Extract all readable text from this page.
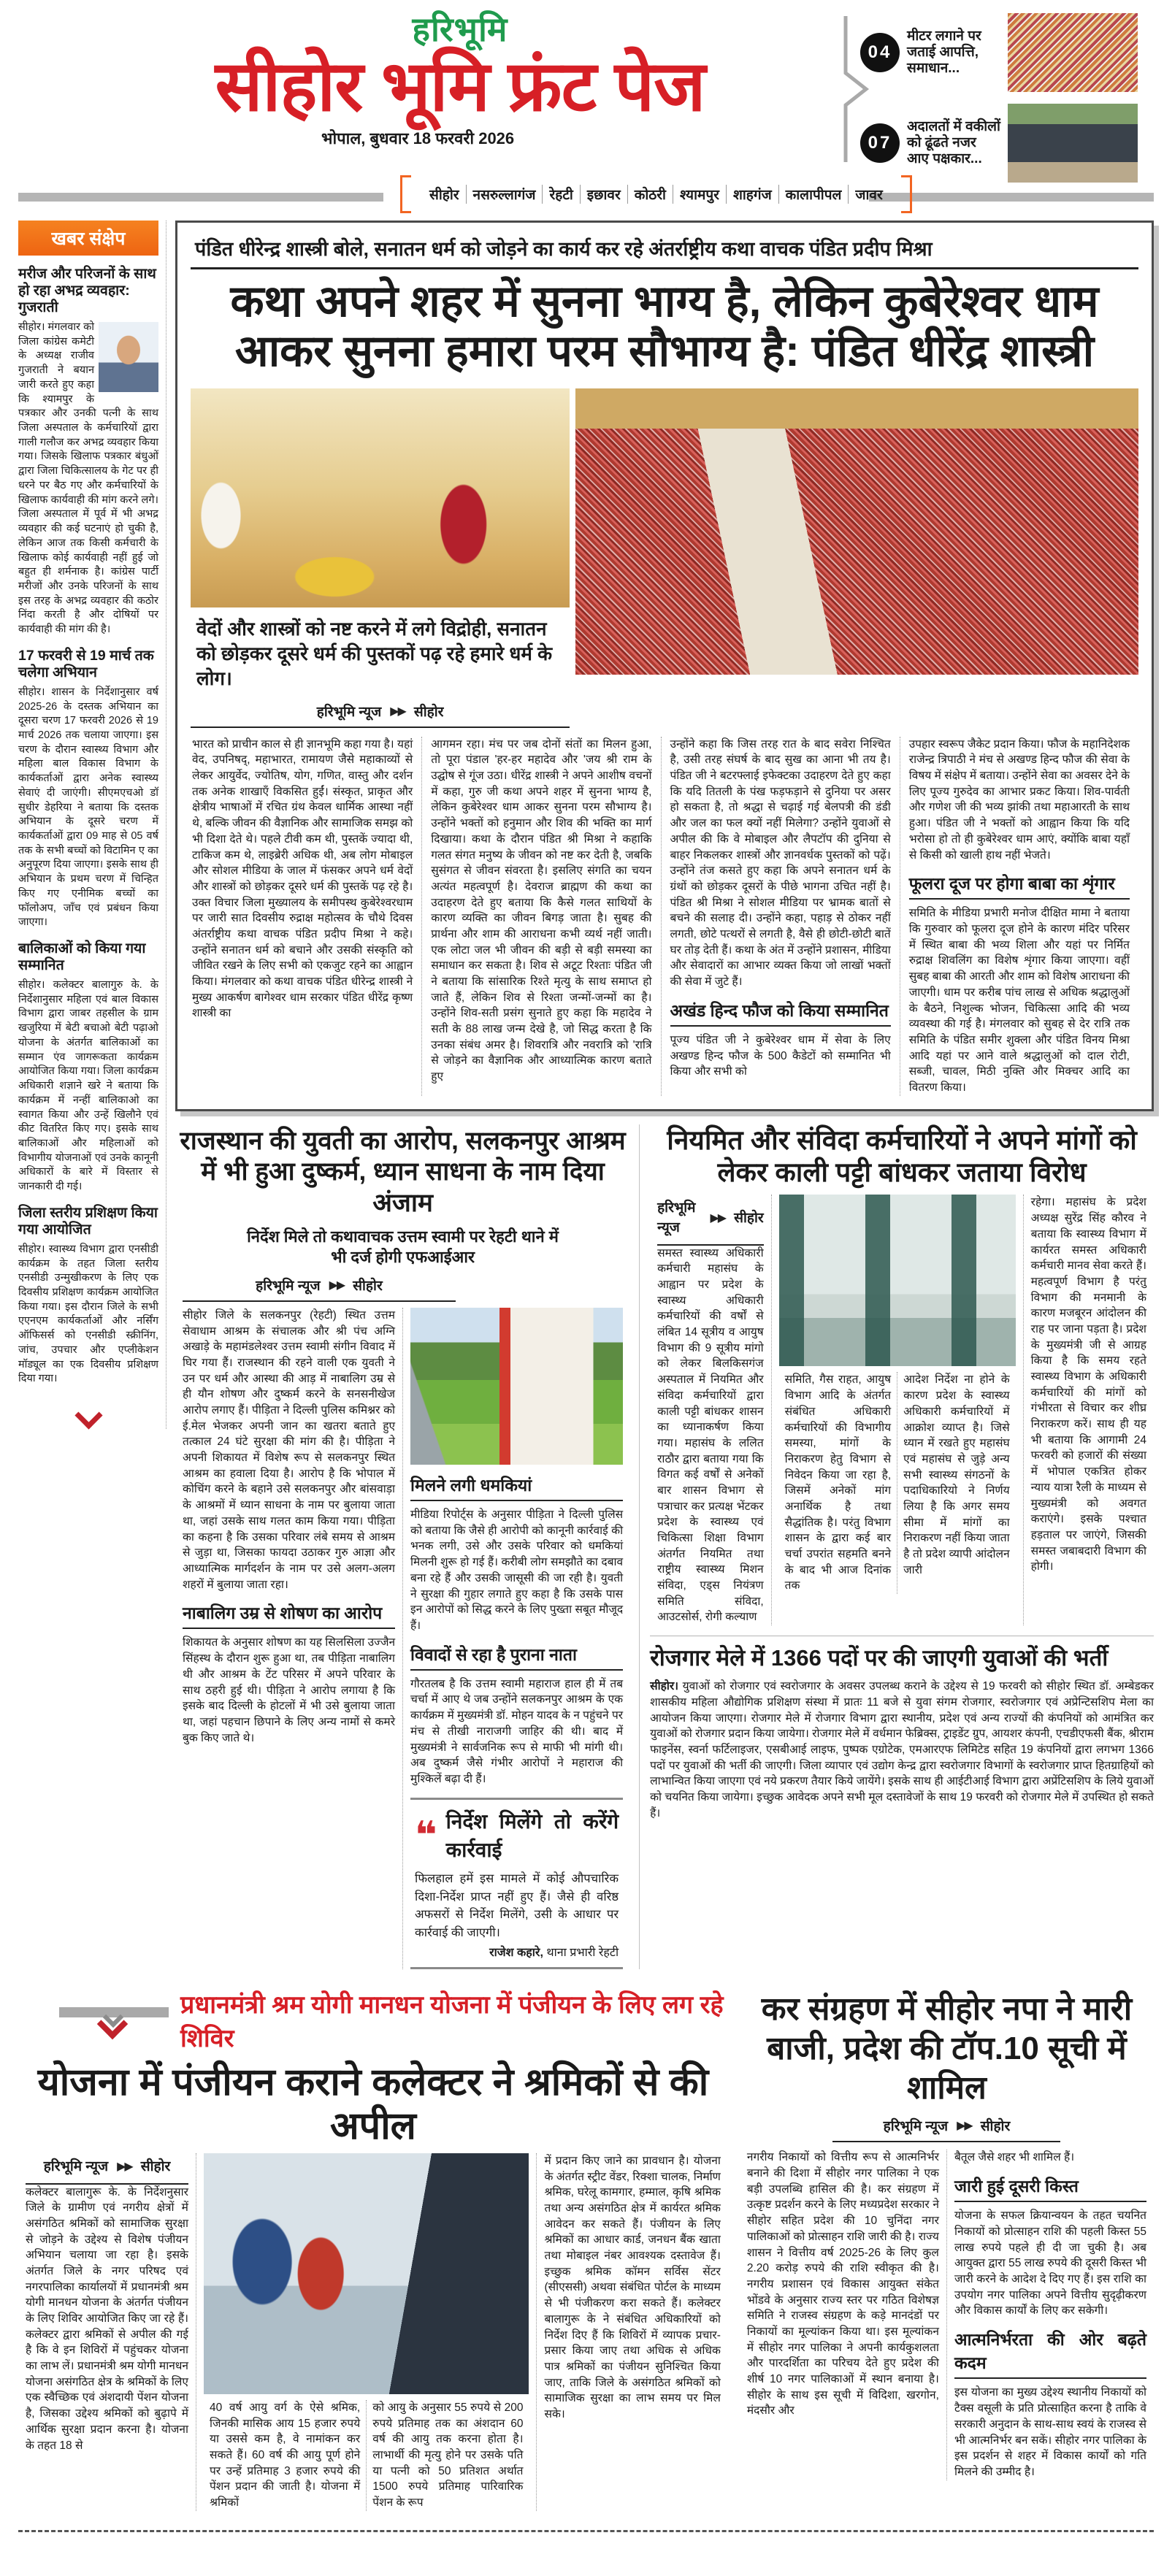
हरिभूमि
सीहोर भूमि फ्रंट पेज
भोपाल, बुधवार 18 फरवरी 2026
04
मीटर लगाने पर जताई आपत्ति, समाधान...
07
अदालतों में वकीलों को ढूंढते नजर आए पक्षकार...
सीहोर	नसरुल्लागंज	रेहटी	इछावर	कोठरी	श्यामपुर	शाहगंज	कालापीपल	जावर
खबर संक्षेप
मरीज और परिजनों के साथ हो रहा अभद्र व्यवहार: गुजराती

सीहोर। मंगलवार को जिला कांग्रेस कमेटी के अध्यक्ष राजीव गुजराती ने बयान जारी करते हुए कहा कि श्यामपुर के पत्रकार और उनकी पत्नी के साथ जिला अस्पताल के कर्मचारियों द्वारा गाली गलौज कर अभद्र व्यवहार किया गया। जिसके खिलाफ पत्रकार बंधुओं द्वारा जिला चिकित्सालय के गेट पर ही धरने पर बैठ गए और कर्मचारियों के खिलाफ कार्यवाही की मांग करने लगे। जिला अस्पताल में पूर्व में भी अभद्र व्यवहार की कई घटनाएं हो चुकी है, लेकिन आज तक किसी कर्मचारी के खिलाफ कोई कार्यवाही नहीं हुई जो बहुत ही शर्मनाक है। कांग्रेस पार्टी मरीजों और उनके परिजनों के साथ इस तरह के अभद्र व्यवहार की कठोर निंदा करती है और दोषियों पर कार्यवाही की मांग की है।

17 फरवरी से 19 मार्च तक चलेगा अभियान

सीहोर। शासन के निर्देशानुसार वर्ष 2025-26 के दस्तक अभियान का दूसरा चरण 17 फरवरी 2026 से 19 मार्च 2026 तक चलाया जाएगा। इस चरण के दौरान स्वास्थ्य विभाग और महिला बाल विकास विभाग के कार्यकर्ताओं द्वारा अनेक स्वास्थ्य सेवाएं दी जाएंगी। सीएमएचओ डॉ सुधीर डेहरिया ने बताया कि दस्तक अभियान के दूसरे चरण में कार्यकर्ताओं द्वारा 09 माह से 05 वर्ष तक के सभी बच्चों को विटामिन ए का अनुपूरण दिया जाएगा। इसके साथ ही अभियान के प्रथम चरण में चिन्हित किए गए एनीमिक बच्चों का फॉलोअप, जाँच एवं प्रबंधन किया जाएगा।

बालिकाओं को किया गया सम्मानित

सीहोर। कलेक्टर बालागुरु के. के निर्देशानुसार महिला एवं बाल विकास विभाग द्वारा जाबर तहसील के ग्राम खजुरिया में बेटी बचाओ बेटी पढ़ाओ योजना के अंतर्गत बालिकाओं का सम्मान एंव जागरूकता कार्यक्रम आयोजित किया गया। जिला कार्यक्रम अधिकारी शज्ञाने खरे ने बताया कि कार्यक्रम में नन्हीं बालिकाओ का स्वागत किया और उन्हें खिलौने एवं कीट वितरित किए गए। इसके साथ बालिकाओं और महिलाओं को विभागीय योजनाओं एवं उनके कानूनी अधिकारों के बारे में विस्तार से जानकारी दी गई।

जिला स्तरीय प्रशिक्षण किया गया आयोजित

सीहोर। स्वास्थ्य विभाग द्वारा एनसीडी कार्यक्रम के तहत जिला स्तरीय एनसीडी उन्मुखीकरण के लिए एक दिवसीय प्रशिक्षण कार्यक्रम आयोजित किया गया। इस दौरान जिले के सभी एएनएम कार्यकर्ताओं और नर्सिंग ऑफिसर्स को एनसीडी स्क्रीनिंग, जांच, उपचार और एप्लीकेशन मॉड्यूल का एक दिवसीय प्रशिक्षण दिया गया।

पंडित धीरेन्द्र शास्त्री बोले, सनातन धर्म को जोड़ने का कार्य कर रहे अंतर्राष्ट्रीय कथा वाचक पंडित प्रदीप मिश्रा
कथा अपने शहर में सुनना भाग्य है, लेकिन कुबेरेश्वर धाम आकर सुनना हमारा परम सौभाग्य है: पंडित धीरेंद्र शास्त्री
वेदों और शास्त्रों को नष्ट करने में लगे विद्रोही, सनातन को छोड़कर दूसरे धर्म की पुस्तकों पढ़ रहे हमारे धर्म के लोग।
हरिभूमि न्यूज ▶▶ सीहोर
भारत को प्राचीन काल से ही ज्ञानभूमि कहा गया है। यहां वेद, उपनिषद्, महाभारत, रामायण जैसे महाकाव्यों से लेकर आयुर्वेद, ज्योतिष, योग, गणित, वास्तु और दर्शन तक अनेक शाखाएँ विकसित हुईं। संस्कृत, प्राकृत और क्षेत्रीय भाषाओं में रचित ग्रंथ केवल धार्मिक आस्था नहीं थे, बल्कि जीवन की वैज्ञानिक और सामाजिक समझ को भी दिशा देते थे। पहले टीवी कम थी, पुस्तकें ज्यादा थी, टाकिज कम थे, लाइब्रेरी अधिक थी, अब लोग मोबाइल और सोशल मीडिया के जाल में फंसकर अपने धर्म वेदों और शास्त्रों को छोड़कर दूसरे धर्म की पुस्तकें पढ़ रहे है। उक्त विचार जिला मुख्यालय के समीपस्थ कुबेरेश्वरधाम पर जारी सात दिवसीय रुद्राक्ष महोत्सव के चौथे दिवस अंतर्राष्ट्रीय कथा वाचक पंडित प्रदीप मिश्रा ने कहे। उन्होंने सनातन धर्म को बचाने और उसकी संस्कृति को जीवित रखने के लिए सभी को एकजुट रहने का आह्वान किया। मंगलवार को कथा वाचक पंडित धीरेन्द्र शास्त्री ने मुख्य आकर्षण बागेश्वर धाम सरकार पंडित धीरेंद्र कृष्ण शास्त्री का
आगमन रहा। मंच पर जब दोनों संतों का मिलन हुआ, तो पूरा पंडाल 'हर-हर महादेव और 'जय श्री राम के उद्घोष से गूंज उठा। धीरेंद्र शास्त्री ने अपने आशीष वचनों में कहा, गुरु जी कथा अपने शहर में सुनना भाग्य है, लेकिन कुबेरेश्वर धाम आकर सुनना परम सौभाग्य है। उन्होंने भक्तों को हनुमान और शिव की भक्ति का मार्ग दिखाया। कथा के दौरान पंडित श्री मिश्रा ने कहाकि गलत संगत मनुष्य के जीवन को नष्ट कर देती है, जबकि सुसंगत से जीवन संवरता है। इसलिए संगति का चयन अत्यंत महत्वपूर्ण है। देवराज ब्राह्मण की कथा का उदाहरण देते हुए बताया कि कैसे गलत साथियों के कारण व्यक्ति का जीवन बिगड़ जाता है। सुबह की प्रार्थना और शाम की आराधना कभी व्यर्थ नहीं जाती। एक लोटा जल भी जीवन की बड़ी से बड़ी समस्या का समाधान कर सकता है। शिव से अटूट रिश्ताः पंडित जी ने बताया कि सांसारिक रिश्ते मृत्यु के साथ समाप्त हो जाते हैं, लेकिन शिव से रिश्ता जन्मों-जन्मों का है। उन्होंने शिव-सती प्रसंग सुनाते हुए कहा कि महादेव ने सती के 88 लाख जन्म देखे है, जो सिद्ध करता है कि उनका संबंध अमर है। शिवरात्रि और नवरात्रि को 'रात्रि से जोड़ने का वैज्ञानिक और आध्यात्मिक कारण बताते हुए
उन्होंने कहा कि जिस तरह रात के बाद सवेरा निश्चित है, उसी तरह संघर्ष के बाद सुख का आना भी तय है। पंडित जी ने बटरफ्लाई इफेक्टका उदाहरण देते हुए कहा कि यदि तितली के पंख फड़फड़ाने से दुनिया पर असर हो सकता है, तो श्रद्धा से चढ़ाई गई बेलपत्री की डंडी और जल का फल क्यों नहीं मिलेगा? उन्होंने युवाओं से अपील की कि वे मोबाइल और लैपटॉप की दुनिया से बाहर निकलकर शास्त्रों और ज्ञानवर्धक पुस्तकों को पढ़ें। उन्होंने तंज कसते हुए कहा कि अपने सनातन धर्म के ग्रंथों को छोड़कर दूसरों के पीछे भागना उचित नहीं है। पंडित श्री मिश्रा ने सोशल मीडिया पर भ्रामक बातों से बचने की सलाह दी। उन्होंने कहा, पहाड़ से ठोकर नहीं लगती, छोटे पत्थरों से लगती है, वैसे ही छोटी-छोटी बातें घर तोड़ देती हैं। कथा के अंत में उन्होंने प्रशासन, मीडिया और सेवादारों का आभार व्यक्त किया जो लाखों भक्तों की सेवा में जुटे हैं।
अखंड हिन्द फौज को किया सम्मानित
पूज्य पंडित जी ने कुबेरेश्वर धाम में सेवा के लिए अखण्ड हिन्द फौज के 500 कैडेटों को सम्मानित भी किया और सभी को
उपहार स्वरूप जैकेट प्रदान किया। फौज के महानिदेशक राजेन्द्र त्रिपाठी ने मंच से अखण्ड हिन्द फौज की सेवा के विषय में संक्षेप में बताया। उन्होंने सेवा का अवसर देने के लिए पूज्य गुरुदेव का आभार प्रकट किया। शिव-पार्वती और गणेश जी की भव्य झांकी तथा महाआरती के साथ हुआ। पंडित जी ने भक्तों को आह्वान किया कि यदि भरोसा हो तो ही कुबेरेश्वर धाम आएं, क्योंकि बाबा यहाँ से किसी को खाली हाथ नहीं भेजते।
फूलरा दूज पर होगा बाबा का शृंगार
समिति के मीडिया प्रभारी मनोज दीक्षित मामा ने बताया कि गुरुवार को फूलरा दूज होने के कारण मंदिर परिसर में स्थित बाबा की भव्य शिला और यहां पर निर्मित रुद्राक्ष शिवलिंग का विशेष शृंगार किया जाएगा। वहीं सुबह बाबा की आरती और शाम को विशेष आराधना की जाएगी। धाम पर करीब पांच लाख से अधिक श्रद्धालुओं के बैठने, निशुल्क भोजन, चिकित्सा आदि की भव्य व्यवस्था की गई है। मंगलवार को सुबह से देर रात्रि तक समिति के पंडित समीर शुक्ला और पंडित विनय मिश्रा आदि यहां पर आने वाले श्रद्धालुओं को दाल रोटी, सब्जी, चावल, मिठी नुक्ति और मिक्चर आदि का वितरण किया।
राजस्थान की युवती का आरोप, सलकनपुर आश्रम में भी हुआ दुष्कर्म, ध्यान साधना के नाम दिया अंजाम
निर्देश मिले तो कथावाचक उत्तम स्वामी पर रेहटी थाने में भी दर्ज होगी एफआईआर
हरिभूमि न्यूज ▶▶ सीहोर
सीहोर जिले के सलकनपुर (रेहटी) स्थित उत्तम सेवाधाम आश्रम के संचालक और श्री पंच अग्नि अखाड़े के महामंडलेश्वर उत्तम स्वामी संगीन विवाद में घिर गया हैं। राजस्थान की रहने वाली एक युवती ने उन पर धर्म और आस्था की आड़ में नाबालिग उम्र से ही यौन शोषण और दुष्कर्म करने के सनसनीखेज आरोप लगाए हैं। पीड़िता ने दिल्ली पुलिस कमिश्नर को ई.मेल भेजकर अपनी जान का खतरा बताते हुए तत्काल 24 घंटे सुरक्षा की मांग की है। पीड़िता ने अपनी शिकायत में विशेष रूप से सलकनपुर स्थित आश्रम का हवाला दिया है। आरोप है कि भोपाल में कोचिंग करने के बहाने उसे सलकनपुर और बांसवाड़ा के आश्रमों में ध्यान साधना के नाम पर बुलाया जाता था, जहां उसके साथ गलत काम किया गया। पीड़िता का कहना है कि उसका परिवार लंबे समय से आश्रम से जुड़ा था, जिसका फायदा उठाकर गुरु आज्ञा और आध्यात्मिक मार्गदर्शन के नाम पर उसे अलग-अलग शहरों में बुलाया जाता रहा।
नाबालिग उम्र से शोषण का आरोप
शिकायत के अनुसार शोषण का यह सिलसिला उज्जैन सिंहस्थ के दौरान शुरू हुआ था, तब पीड़िता नाबालिग थी और आश्रम के टेंट परिसर में अपने परिवार के साथ ठहरी हुई थी। पीड़िता ने आरोप लगाया है कि इसके बाद दिल्ली के होटलों में भी उसे बुलाया जाता था, जहां पहचान छिपाने के लिए अन्य नामों से कमरे बुक किए जाते थे।
मिलने लगी धमकियां
मीडिया रिपोर्ट्स के अनुसार पीड़िता ने दिल्ली पुलिस को बताया कि जैसे ही आरोपी को कानूनी कार्रवाई की भनक लगी, उसे और उसके परिवार को धमकियां मिलनी शुरू हो गई हैं। करीबी लोग समझौते का दबाव बना रहे हैं और उसकी जासूसी की जा रही है। युवती ने सुरक्षा की गुहार लगाते हुए कहा है कि उसके पास इन आरोपों को सिद्ध करने के लिए पुख्ता सबूत मौजूद हैं।
विवादों से रहा है पुराना नाता
गौरतलब है कि उत्तम स्वामी महाराज हाल ही में तब चर्चा में आए थे जब उन्होंने सलकनपुर आश्रम के एक कार्यक्रम में मुख्यमंत्री डॉ. मोहन यादव के न पहुंचने पर मंच से तीखी नाराजगी जाहिर की थी। बाद में मुख्यमंत्री ने सार्वजनिक रूप से माफी भी मांगी थी। अब दुष्कर्म जैसे गंभीर आरोपों ने महाराज की मुश्किलें बढ़ा दी हैं।
❝ निर्देश मिलेंगे तो करेंगे कार्रवाई
फिलहाल हमें इस मामले में कोई औपचारिक दिशा-निर्देश प्राप्त नहीं हुए हैं। जैसे ही वरिष्ठ अफसरों से निर्देश मिलेंगे, उसी के आधार पर कार्रवाई की जाएगी।
राजेश कहारे, थाना प्रभारी रेहटी
नियमित और संविदा कर्मचारियों ने अपने मांगों को लेकर काली पट्टी बांधकर जताया विरोध
हरिभूमि न्यूज
▶▶ सीहोर
समस्त स्वास्थ्य अधिकारी कर्मचारी महासंघ के आह्वान पर प्रदेश के स्वास्थ्य अधिकारी कर्मचारियों की वर्षों से लंबित 14 सूत्रीय व आयुष विभाग की 9 सूत्रीय मांगो को लेकर बिलकिसगंज अस्पताल में नियमित और संविदा कर्मचारियों द्वारा काली पट्टी बांधकर शासन का ध्यानाकर्षण किया गया। महासंघ के ललित राठौर द्वारा बताया गया कि विगत कई वर्षों से अनेकों बार शासन विभाग से पत्राचार कर प्रत्यक्ष भेंटकर प्रदेश के स्वास्थ्य एवं चिकित्सा शिक्षा विभाग अंतर्गत नियमित तथा राष्ट्रीय स्वास्थ्य मिशन संविदा, एड्स नियंत्रण समिति संविदा, आउटसोर्स, रोगी कल्याण
समिति, गैस राहत, आयुष विभाग आदि के अंतर्गत संबंधित अधिकारी कर्मचारियों की विभागीय समस्या, मांगों के निराकरण हेतु विभाग से निवेदन किया जा रहा है, जिसमें अनेकों मांग अनार्थिक है तथा सैद्धांतिक है। परंतु विभाग शासन के द्वारा कई बार चर्चा उपरांत सहमति बनने के बाद भी आज दिनांक तक
आदेश निर्देश ना होने के कारण प्रदेश के स्वास्थ्य अधिकारी कर्मचारियों में आक्रोश व्याप्त है। जिसे ध्यान में रखते हुए महासंघ एवं महासंघ से जुड़े अन्य सभी स्वास्थ्य संगठनों के पदाधिकारियो ने निर्णय लिया है कि अगर समय सीमा में मांगों का निराकरण नहीं किया जाता है तो प्रदेश व्यापी आंदोलन जारी
रहेगा। महासंघ के प्रदेश अध्यक्ष सुरेंद्र सिंह कौरव ने बताया कि स्वास्थ्य विभाग में कार्यरत समस्त अधिकारी कर्मचारी मानव सेवा करते हैं। महत्वपूर्ण विभाग है परंतु विभाग की मनमानी के कारण मजबूरन आंदोलन की राह पर जाना पड़ता है। प्रदेश के मुख्यमंत्री जी से आग्रह किया है कि समय रहते स्वास्थ्य विभाग के अधिकारी कर्मचारियों की मांगों को गंभीरता से विचार कर शीघ्र निराकरण करें। साथ ही यह भी बताया कि आगामी 24 फरवरी को हजारों की संख्या में भोपाल एकत्रित होकर न्याय यात्रा रैली के माध्यम से मुख्यमंत्री को अवगत कराएंगे। इसके पश्चात हड़ताल पर जाएंगे, जिसकी समस्त जबाबदारी विभाग की होगी।
रोजगार मेले में 1366 पदों पर की जाएगी युवाओं की भर्ती

सीहोर। युवाओं को रोजगार एवं स्वरोजगार के अवसर उपलब्ध कराने के उद्देश्य से 19 फरवरी को सीहोर स्थित डॉ. अम्बेडकर शासकीय महिला औद्योगिक प्रशिक्षण संस्था में प्रातः 11 बजे से युवा संगम रोजगार, स्वरोजगार एवं अप्रेन्टिसशिप मेला का आयोजन किया जाएगा। रोजगार मेले में रोजगार विभाग द्वारा स्थानीय, प्रदेश एवं अन्य राज्यों की कंपनियों को आमंत्रित कर युवाओं को रोजगार प्रदान किया जायेगा। रोजगार मेले में वर्धमान फेब्रिक्स, ट्राइडेंट ग्रुप, आयशर कंपनी, एचडीएफसी बैंक, श्रीराम फाइनेंस, स्वर्ना फर्टिलाइजर, एसबीआई लाइफ, पुष्पक एग्रोटेक, एमआरएफ लिमिटेड सहित 19 कंपनियों द्वारा लगभग 1366 पदों पर युवाओं की भर्ती की जाएगी। जिला व्यापार एवं उद्योग केन्द्र द्वारा स्वरोजगार विभागों के स्वरोजगार प्राप्त हितग्राहियों को लाभान्वित किया जाएगा एवं नये प्रकरण तैयार किये जायेंगे। इसके साथ ही आईटीआई विभाग द्वारा अप्रेंटिसशिप के लिये युवाओं को चयनित किया जायेगा। इच्छुक आवेदक अपने सभी मूल दस्तावेजों के साथ 19 फरवरी को रोजगार मेले में उपस्थित हो सकते हैं।

प्रधानमंत्री श्रम योगी मानधन योजना में पंजीयन के लिए लग रहे शिविर
योजना में पंजीयन कराने कलेक्टर ने श्रमिकों से की अपील
हरिभूमि न्यूज ▶▶ सीहोर
कलेक्टर बालागुरू के. के निर्देशनुसार जिले के ग्रामीण एवं नगरीय क्षेत्रों में असंगठित श्रमिकों को सामाजिक सुरक्षा से जोड़ने के उद्देश्य से विशेष पंजीयन अभियान चलाया जा रहा है। इसके अंतर्गत जिले के नगर परिषद एवं नगरपालिका कार्यालयों में प्रधानमंत्री श्रम योगी मानधन योजना के अंतर्गत पंजीयन के लिए शिविर आयोजित किए जा रहे हैं। कलेक्टर द्वारा श्रमिकों से अपील की गई है कि वे इन शिविरों में पहुंचकर योजना का लाभ लें। प्रधानमंत्री श्रम योगी मानधन योजना असंगठित क्षेत्र के श्रमिकों के लिए एक स्वैच्छिक एवं अंशदायी पेंशन योजना है, जिसका उद्देश्य श्रमिकों को बुढ़ापे में आर्थिक सुरक्षा प्रदान करना है। योजना के तहत 18 से
40 वर्ष आयु वर्ग के ऐसे श्रमिक, जिनकी मासिक आय 15 हजार रुपये या उससे कम है, वे नामांकन कर सकते हैं। 60 वर्ष की आयु पूर्ण होने पर उन्हें प्रतिमाह 3 हजार रुपये की पेंशन प्रदान की जाती है। योजना में श्रमिकों
को आयु के अनुसार 55 रुपये से 200 रुपये प्रतिमाह तक का अंशदान 60 वर्ष की आयु तक करना होता है। लाभार्थी की मृत्यु होने पर उसके पति या पत्नी को 50 प्रतिशत अर्थात 1500 रुपये प्रतिमाह पारिवारिक पेंशन के रूप
में प्रदान किए जाने का प्रावधान है। योजना के अंतर्गत स्ट्रीट वेंडर, रिक्शा चालक, निर्माण श्रमिक, घरेलू कामगार, हम्माल, कृषि श्रमिक तथा अन्य असंगठित क्षेत्र में कार्यरत श्रमिक आवेदन कर सकते हैं। पंजीयन के लिए श्रमिकों का आधार कार्ड, जनधन बैंक खाता तथा मोबाइल नंबर आवश्यक दस्तावेज हैं। इच्छुक श्रमिक कॉमन सर्विस सेंटर (सीएससी) अथवा संबंधित पोर्टल के माध्यम से भी पंजीकरण करा सकते हैं। कलेक्टर बालागुरू के ने संबंधित अधिकारियों को निर्देश दिए हैं कि शिविरों में व्यापक प्रचार-प्रसार किया जाए तथा अधिक से अधिक पात्र श्रमिकों का पंजीयन सुनिश्चित किया जाए, ताकि जिले के असंगठित श्रमिकों को सामाजिक सुरक्षा का लाभ समय पर मिल सके।
कर संग्रहण में सीहोर नपा ने मारी बाजी, प्रदेश की टॉप.10 सूची में शामिल
हरिभूमि न्यूज ▶▶ सीहोर
नगरीय निकायों को वित्तीय रूप से आत्मनिर्भर बनाने की दिशा में सीहोर नगर पालिका ने एक बड़ी उपलब्धि हासिल की है। कर संग्रहण में उत्कृष्ट प्रदर्शन करने के लिए मध्यप्रदेश सरकार ने सीहोर सहित प्रदेश की 10 चुनिंदा नगर पालिकाओं को प्रोत्साहन राशि जारी की है। राज्य शासन ने वित्तीय वर्ष 2025-26 के लिए कुल 2.20 करोड़ रुपये की राशि स्वीकृत की है। नगरीय प्रशासन एवं विकास आयुक्त संकेत भोंडवे के अनुसार राज्य स्तर पर गठित विशेषज्ञ समिति ने राजस्व संग्रहण के कड़े मानदंडों पर निकायों का मूल्यांकन किया था। इस मूल्यांकन में सीहोर नगर पालिका ने अपनी कार्यकुशलता और पारदर्शिता का परिचय देते हुए प्रदेश की शीर्ष 10 नगर पालिकाओं में स्थान बनाया है। सीहोर के साथ इस सूची में विदिशा, खरगोन, मंदसौर और
बैतूल जैसे शहर भी शामिल हैं।
जारी हुई दूसरी किस्त
योजना के सफल क्रियान्वयन के तहत चयनित निकायों को प्रोत्साहन राशि की पहली किस्त 55 लाख रुपये पहले ही दी जा चुकी है। अब आयुक्त द्वारा 55 लाख रुपये की दूसरी किस्त भी जारी करने के आदेश दे दिए गए हैं। इस राशि का उपयोग नगर पालिका अपने वित्तीय सुदृढ़ीकरण और विकास कार्यों के लिए कर सकेगी।
आत्मनिर्भरता की ओर बढ़ते कदम
इस योजना का मुख्य उद्देश्य स्थानीय निकायों को टैक्स वसूली के प्रति प्रोत्साहित करना है ताकि वे सरकारी अनुदान के साथ-साथ स्वयं के राजस्व से भी आत्मनिर्भर बन सकें। सीहोर नगर पालिका के इस प्रदर्शन से शहर में विकास कार्यों को गति मिलने की उम्मीद है।
